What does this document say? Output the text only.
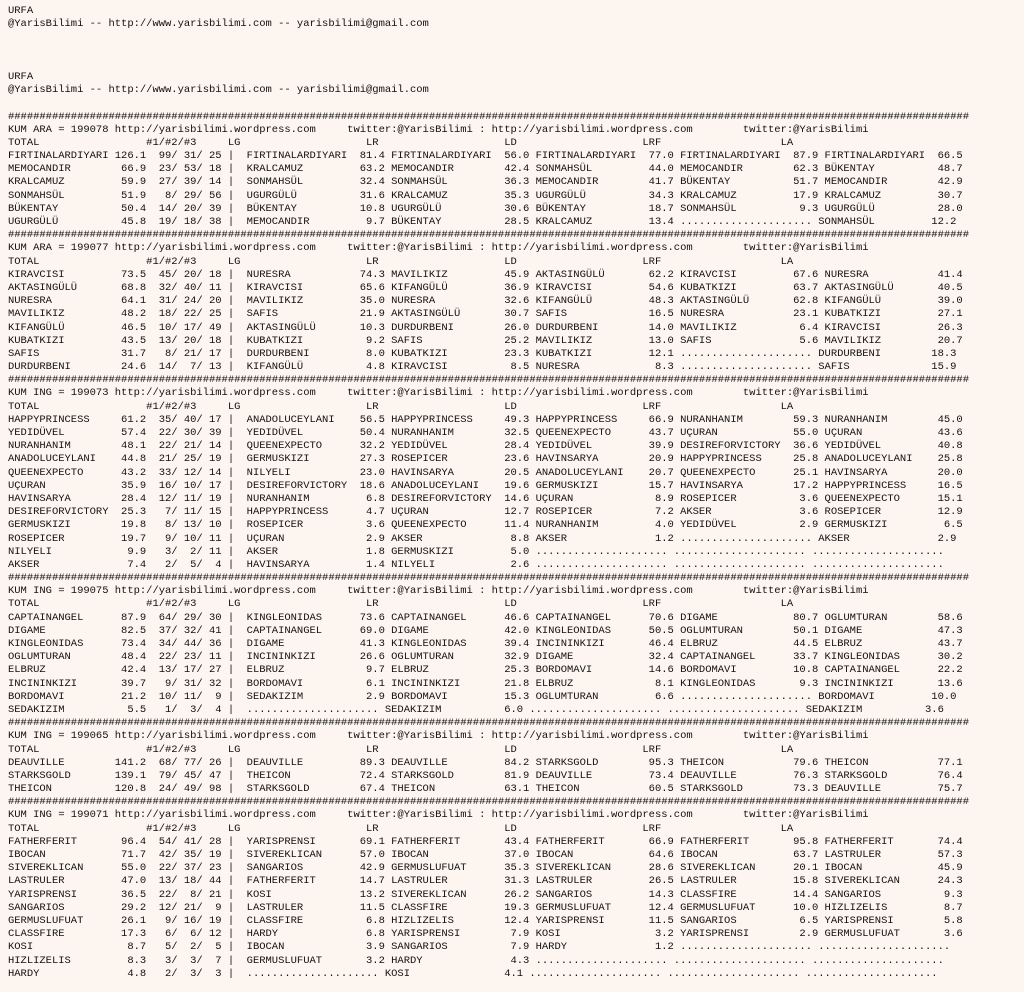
URFA
@YarisBilimi -- http://www.yarisbilimi.com -- yarisbilimi@gmail.com
URFA
@YarisBilimi -- http://www.yarisbilimi.com -- yarisbilimi@gmail.com
#########################################################################################################################################################
KUM ARA = 199078 http://yarisbilimi.wordpress.com     twitter:@YarisBilimi : http://yarisbilimi.wordpress.com        twitter:@YarisBilimi
TOTAL                 #1/#2/#3     LG                    LR                    LD                    LRF                   LA
FIRTINALARDIYARI 126.1  99/ 31/ 25 |  FIRTINALARDIYARI  81.4 FIRTINALARDIYARI  56.0 FIRTINALARDIYARI  77.0 FIRTINALARDIYARI  87.9 FIRTINALARDIYARI  66.5
MEMOCANDIR        66.9  23/ 53/ 18 |  KRALCAMUZ         63.2 MEMOCANDIR        42.4 SONMAHSÜL         44.0 MEMOCANDIR        62.3 BÜKENTAY          48.7
KRALCAMUZ         59.9  27/ 39/ 14 |  SONMAHSÜL         32.4 SONMAHSÜL         36.3 MEMOCANDIR        41.7 BÜKENTAY          51.7 MEMOCANDIR        42.9
SONMAHSÜL         51.9   8/ 29/ 56 |  UGURGÜLÜ          31.6 KRALCAMUZ         35.3 UGURGÜLÜ          34.3 KRALCAMUZ         17.9 KRALCAMUZ         30.7
BÜKENTAY          50.4  14/ 20/ 39 |  BÜKENTAY          10.8 UGURGÜLÜ          30.6 BÜKENTAY          18.7 SONMAHSÜL          9.3 UGURGÜLÜ          28.0
UGURGÜLÜ          45.8  19/ 18/ 38 |  MEMOCANDIR         9.7 BÜKENTAY          28.5 KRALCAMUZ         13.4 ..................... SONMAHSÜL         12.2
#########################################################################################################################################################
KUM ARA = 199077 http://yarisbilimi.wordpress.com     twitter:@YarisBilimi : http://yarisbilimi.wordpress.com        twitter:@YarisBilimi
TOTAL                 #1/#2/#3     LG                    LR                    LD                    LRF                   LA
KIRAVCISI         73.5  45/ 20/ 18 |  NURESRA           74.3 MAVILIKIZ         45.9 AKTASINGÜLÜ       62.2 KIRAVCISI         67.6 NURESRA           41.4
AKTASINGÜLÜ       68.8  32/ 40/ 11 |  KIRAVCISI         65.6 KIFANGÜLÜ         36.9 KIRAVCISI         54.6 KUBATKIZI         63.7 AKTASINGÜLÜ       40.5
NURESRA           64.1  31/ 24/ 20 |  MAVILIKIZ         35.0 NURESRA           32.6 KIFANGÜLÜ         48.3 AKTASINGÜLÜ       62.8 KIFANGÜLÜ         39.0
MAVILIKIZ         48.2  18/ 22/ 25 |  SAFIS             21.9 AKTASINGÜLÜ       30.7 SAFIS             16.5 NURESRA           23.1 KUBATKIZI         27.1
KIFANGÜLÜ         46.5  10/ 17/ 49 |  AKTASINGÜLÜ       10.3 DURDURBENI        26.0 DURDURBENI        14.0 MAVILIKIZ          6.4 KIRAVCISI         26.3
KUBATKIZI         43.5  13/ 20/ 18 |  KUBATKIZI          9.2 SAFIS             25.2 MAVILIKIZ         13.0 SAFIS              5.6 MAVILIKIZ         20.7
SAFIS             31.7   8/ 21/ 17 |  DURDURBENI         8.0 KUBATKIZI         23.3 KUBATKIZI         12.1 ..................... DURDURBENI        18.3
DURDURBENI        24.6  14/  7/ 13 |  KIFANGÜLÜ          4.8 KIRAVCISI          8.5 NURESRA            8.3 ..................... SAFIS             15.9
#########################################################################################################################################################
KUM ING = 199073 http://yarisbilimi.wordpress.com     twitter:@YarisBilimi : http://yarisbilimi.wordpress.com        twitter:@YarisBilimi
TOTAL                 #1/#2/#3     LG                    LR                    LD                    LRF                   LA
HAPPYPRINCESS     61.2  35/ 40/ 17 |  ANADOLUCEYLANI    56.5 HAPPYPRINCESS     49.3 HAPPYPRINCESS     66.9 NURANHANIM        59.3 NURANHANIM        45.0
YEDIDÜVEL         57.4  22/ 30/ 39 |  YEDIDÜVEL         50.4 NURANHANIM        32.5 QUEENEXPECTO      43.7 UÇURAN            55.0 UÇURAN            43.6
NURANHANIM        48.1  22/ 21/ 14 |  QUEENEXPECTO      32.2 YEDIDÜVEL         28.4 YEDIDÜVEL         39.9 DESIREFORVICTORY  36.6 YEDIDÜVEL         40.8
ANADOLUCEYLANI    44.8  21/ 25/ 19 |  GERMUSKIZI        27.3 ROSEPICER         23.6 HAVINSARYA        20.9 HAPPYPRINCESS     25.8 ANADOLUCEYLANI    25.8
QUEENEXPECTO      43.2  33/ 12/ 14 |  NILYELI           23.0 HAVINSARYA        20.5 ANADOLUCEYLANI    20.7 QUEENEXPECTO      25.1 HAVINSARYA        20.0
UÇURAN            35.9  16/ 10/ 17 |  DESIREFORVICTORY  18.6 ANADOLUCEYLANI    19.6 GERMUSKIZI        15.7 HAVINSARYA        17.2 HAPPYPRINCESS     16.5
HAVINSARYA        28.4  12/ 11/ 19 |  NURANHANIM         6.8 DESIREFORVICTORY  14.6 UÇURAN             8.9 ROSEPICER          3.6 QUEENEXPECTO      15.1
DESIREFORVICTORY  25.3   7/ 11/ 15 |  HAPPYPRINCESS      4.7 UÇURAN            12.7 ROSEPICER          7.2 AKSER              3.6 ROSEPICER         12.9
GERMUSKIZI        19.8   8/ 13/ 10 |  ROSEPICER          3.6 QUEENEXPECTO      11.4 NURANHANIM         4.0 YEDIDÜVEL          2.9 GERMUSKIZI         6.5
ROSEPICER         19.7   9/ 10/ 11 |  UÇURAN             2.9 AKSER              8.8 AKSER              1.2 ..................... AKSER              2.9
NILYELI            9.9   3/  2/ 11 |  AKSER              1.8 GERMUSKIZI         5.0 ..................... ..................... .....................
AKSER              7.4   2/  5/  4 |  HAVINSARYA         1.4 NILYELI            2.6 ..................... ..................... .....................
#########################################################################################################################################################
KUM ING = 199075 http://yarisbilimi.wordpress.com     twitter:@YarisBilimi : http://yarisbilimi.wordpress.com        twitter:@YarisBilimi
TOTAL                 #1/#2/#3     LG                    LR                    LD                    LRF                   LA
CAPTAINANGEL      87.9  64/ 29/ 30 |  KINGLEONIDAS      73.6 CAPTAINANGEL      46.6 CAPTAINANGEL      70.6 DIGAME            80.7 OGLUMTURAN        58.6
DIGAME            82.5  37/ 32/ 41 |  CAPTAINANGEL      69.0 DIGAME            42.0 KINGLEONIDAS      50.5 OGLUMTURAN        50.1 DIGAME            47.3
KINGLEONIDAS      73.4  34/ 44/ 36 |  DIGAME            41.3 KINGLEONIDAS      39.4 INCININKIZI       46.4 ELBRUZ            44.5 ELBRUZ            43.7
OGLUMTURAN        48.4  22/ 23/ 11 |  INCININKIZI       26.6 OGLUMTURAN        32.9 DIGAME            32.4 CAPTAINANGEL      33.7 KINGLEONIDAS      30.2
ELBRUZ            42.4  13/ 17/ 27 |  ELBRUZ             9.7 ELBRUZ            25.3 BORDOMAVI         14.6 BORDOMAVI         10.8 CAPTAINANGEL      22.2
INCININKIZI       39.7   9/ 31/ 32 |  BORDOMAVI          6.1 INCININKIZI       21.8 ELBRUZ             8.1 KINGLEONIDAS       9.3 INCININKIZI       13.6
BORDOMAVI         21.2  10/ 11/  9 |  SEDAKIZIM          2.9 BORDOMAVI         15.3 OGLUMTURAN         6.6 ..................... BORDOMAVI         10.0
SEDAKIZIM          5.5   1/  3/  4 |  ..................... SEDAKIZIM          6.0 ..................... ..................... SEDAKIZIM          3.6
#########################################################################################################################################################
KUM ING = 199065 http://yarisbilimi.wordpress.com     twitter:@YarisBilimi : http://yarisbilimi.wordpress.com        twitter:@YarisBilimi
TOTAL                 #1/#2/#3     LG                    LR                    LD                    LRF                   LA
DEAUVILLE        141.2  68/ 77/ 26 |  DEAUVILLE         89.3 DEAUVILLE         84.2 STARKSGOLD        95.3 THEICON           79.6 THEICON           77.1
STARKSGOLD       139.1  79/ 45/ 47 |  THEICON           72.4 STARKSGOLD        81.9 DEAUVILLE         73.4 DEAUVILLE         76.3 STARKSGOLD        76.4
THEICON          120.8  24/ 49/ 98 |  STARKSGOLD        67.4 THEICON           63.1 THEICON           60.5 STARKSGOLD        73.3 DEAUVILLE         75.7
#########################################################################################################################################################
KUM ING = 199071 http://yarisbilimi.wordpress.com     twitter:@YarisBilimi : http://yarisbilimi.wordpress.com        twitter:@YarisBilimi
TOTAL                 #1/#2/#3     LG                    LR                    LD                    LRF                   LA
FATHERFERIT       96.4  54/ 41/ 28 |  YARISPRENSI       69.1 FATHERFERIT       43.4 FATHERFERIT       66.9 FATHERFERIT       95.8 FATHERFERIT       74.4
IBOCAN            71.7  42/ 35/ 19 |  SIVEREKLICAN      57.0 IBOCAN            37.0 IBOCAN            64.6 IBOCAN            63.7 LASTRULER         57.3
SIVEREKLICAN      55.0  22/ 37/ 23 |  SANGARIOS         42.9 GERMUSLUFUAT      35.3 SIVEREKLICAN      28.6 SIVEREKLICAN      20.1 IBOCAN            45.9
LASTRULER         47.0  13/ 18/ 44 |  FATHERFERIT       14.7 LASTRULER         31.3 LASTRULER         26.5 LASTRULER         15.8 SIVEREKLICAN      24.3
YARISPRENSI       36.5  22/  8/ 21 |  KOSI              13.2 SIVEREKLICAN      26.2 SANGARIOS         14.3 CLASSFIRE         14.4 SANGARIOS          9.3
SANGARIOS         29.2  12/ 21/  9 |  LASTRULER         11.5 CLASSFIRE         19.3 GERMUSLUFUAT      12.4 GERMUSLUFUAT      10.0 HIZLIZELIS         8.7
GERMUSLUFUAT      26.1   9/ 16/ 19 |  CLASSFIRE          6.8 HIZLIZELIS        12.4 YARISPRENSI       11.5 SANGARIOS          6.5 YARISPRENSI        5.8
CLASSFIRE         17.3   6/  6/ 12 |  HARDY              6.8 YARISPRENSI        7.9 KOSI               3.2 YARISPRENSI        2.9 GERMUSLUFUAT       3.6
KOSI               8.7   5/  2/  5 |  IBOCAN             3.9 SANGARIOS          7.9 HARDY              1.2 ..................... .....................
HIZLIZELIS         8.3   3/  3/  7 |  GERMUSLUFUAT       3.2 HARDY              4.3 ..................... ..................... .....................
HARDY              4.8   2/  3/  3 |  ..................... KOSI               4.1 ..................... ..................... .....................
